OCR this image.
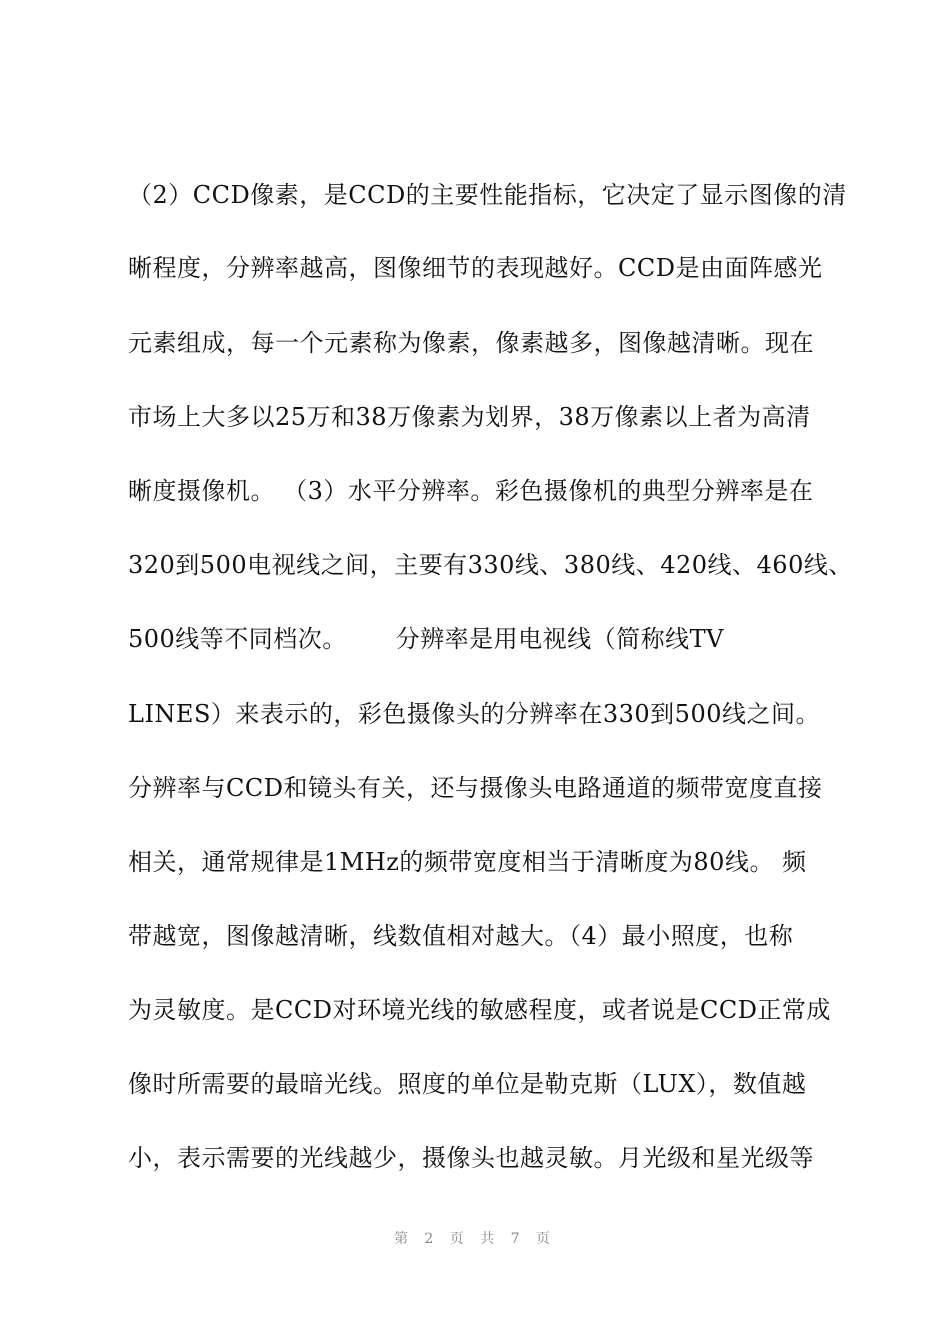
（2）CCD像素，是CCD的主要性能指标，它决定了显示图像的清
晰程度，分辨率越高，图像细节的表现越好。CCD是由面阵感光
元素组成，每一个元素称为像素，像素越多，图像越清晰。现在
市场上大多以25万和38万像素为划界，38万像素以上者为高清
晰度摄像机。 （3）水平分辨率。彩色摄像机的典型分辨率是在
320到500电视线之间，主要有330线、380线、420线、460线、
500线等不同档次。      分辨率是用电视线（简称线TV
LINES）来表示的，彩色摄像头的分辨率在330到500线之间。
分辨率与CCD和镜头有关，还与摄像头电路通道的频带宽度直接
相关，通常规律是1MHz的频带宽度相当于清晰度为80线。 频
带越宽，图像越清晰，线数值相对越大。（4）最小照度，也称
为灵敏度。是CCD对环境光线的敏感程度，或者说是CCD正常成
像时所需要的最暗光线。照度的单位是勒克斯（LUX），数值越
小，表示需要的光线越少，摄像头也越灵敏。月光级和星光级等
第 2 页 共 7 页
